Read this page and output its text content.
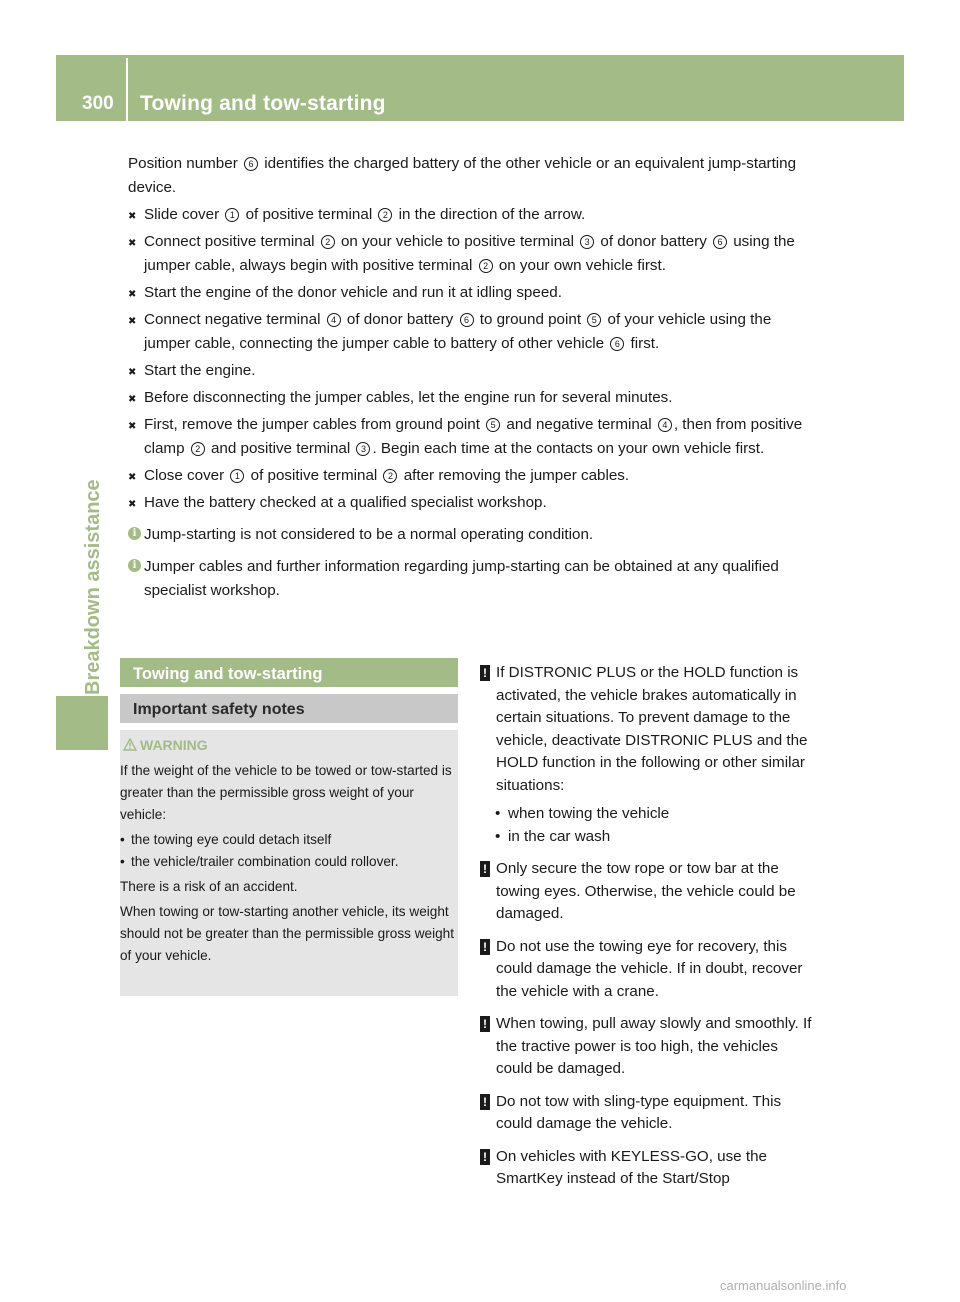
300 Towing and tow-starting
Breakdown assistance
Position number 6 identifies the charged battery of the other vehicle or an equivalent jump-starting device.
✖ Slide cover 1 of positive terminal 2 in the direction of the arrow.
✖ Connect positive terminal 2 on your vehicle to positive terminal 3 of donor battery 6 using the jumper cable, always begin with positive terminal 2 on your own vehicle first.
✖ Start the engine of the donor vehicle and run it at idling speed.
✖ Connect negative terminal 4 of donor battery 6 to ground point 5 of your vehicle using the jumper cable, connecting the jumper cable to battery of other vehicle 6 first.
✖ Start the engine.
✖ Before disconnecting the jumper cables, let the engine run for several minutes.
✖ First, remove the jumper cables from ground point 5 and negative terminal 4 , then from positive clamp 2 and positive terminal 3 . Begin each time at the contacts on your own vehicle first.
✖ Close cover 1 of positive terminal 2 after removing the jumper cables.
✖ Have the battery checked at a qualified specialist workshop.
i Jump-starting is not considered to be a normal operating condition.
i Jumper cables and further information regarding jump-starting can be obtained at any qualified specialist workshop.
Towing and tow-starting
Important safety notes
WARNING

If the weight of the vehicle to be towed or tow-started is greater than the permissible gross weight of your vehicle:

• the towing eye could detach itself
• the vehicle/trailer combination could rollover.

There is a risk of an accident.

When towing or tow-starting another vehicle, its weight should not be greater than the permissible gross weight of your vehicle.

! If DISTRONIC PLUS or the HOLD function is activated, the vehicle brakes automatically in certain situations. To prevent damage to the vehicle, deactivate DISTRONIC PLUS and the HOLD function in the following or other similar situations:
• when towing the vehicle
• in the car wash
! Only secure the tow rope or tow bar at the towing eyes. Otherwise, the vehicle could be damaged.
! Do not use the towing eye for recovery, this could damage the vehicle. If in doubt, recover the vehicle with a crane.
! When towing, pull away slowly and smoothly. If the tractive power is too high, the vehicles could be damaged.
! Do not tow with sling-type equipment. This could damage the vehicle.
! On vehicles with KEYLESS-GO, use the SmartKey instead of the Start/Stop
carmanualsonline.info
